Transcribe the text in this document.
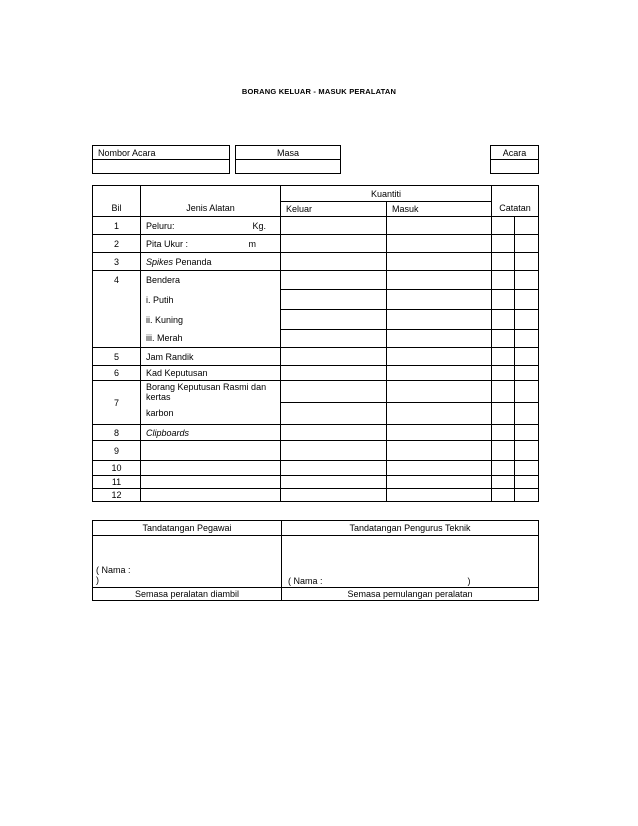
BORANG KELUAR - MASUK PERALATAN
Nombor Acara			Masa		Acara

Bil	Jenis Alatan	Kuantiti		Catatan	
		Keluar	Masuk		
1	Peluru: Kg.				

2	Pita Ukur : m				

3	Spikes Penanda				
4	Bendera				
	i. Putih				
	ii. Kuning				
	iii. Merah				
5	Jam Randik				
6	Kad Keputusan				
7	Borang Keputusan Rasmi dan kertas				
	karbon				
8	Clipboards				
9					
10					
11					
12					
Tandatangan Pegawai	Tandatangan Pengurus Teknik

( Nama :
)	( Nama : )
Semasa peralatan diambil	Semasa pemulangan peralatan
